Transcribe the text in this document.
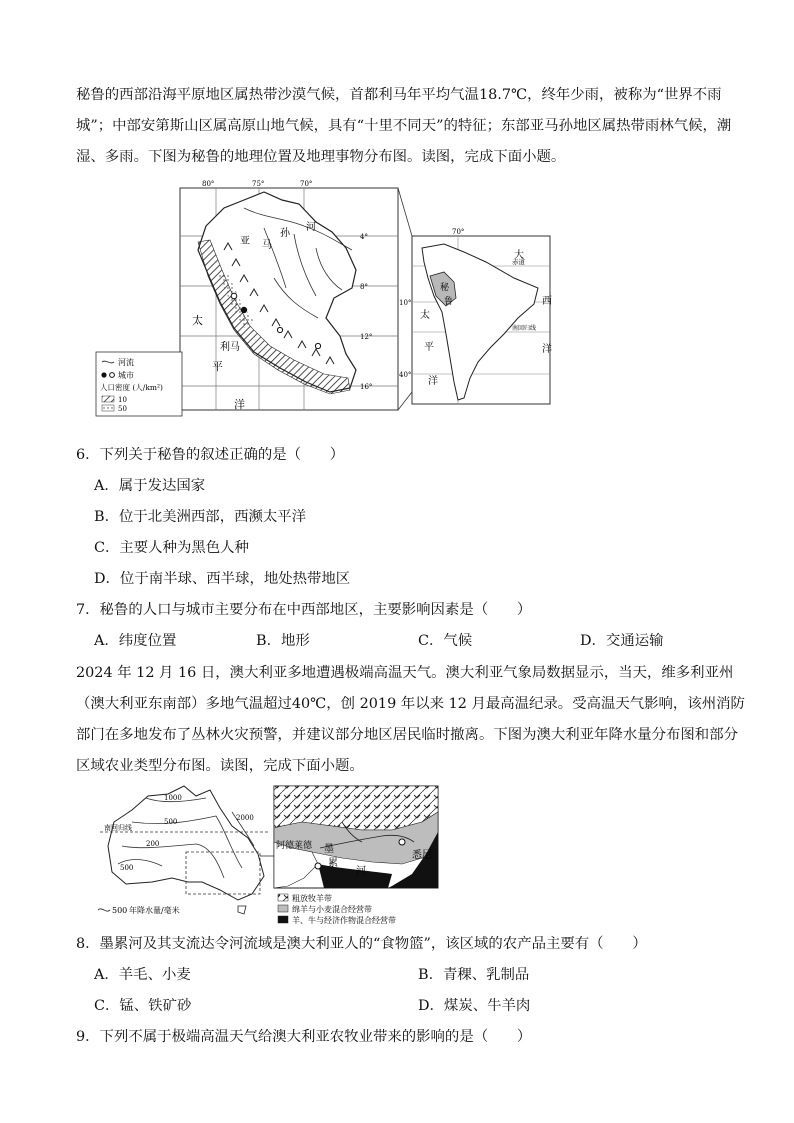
秘鲁的西部沿海平原地区属热带沙漠气候，首都利马年平均气温18.7℃，终年少雨，被称为“世界不雨城”；中部安第斯山区属高原山地气候，具有“十里不同天”的特征；东部亚马孙地区属热带雨林气候，潮湿、多雨。下图为秘鲁的地理位置及地理事物分布图。读图，完成下面小题。
80°	75°	70°
4°
8°
12°
16°
亚 马
孙
河
太
平
洋
利马
河流
城市
人口密度 (人/km²)
10
50
70°
10°
40°
赤道
南回归线
秘
鲁
大
西
洋
太
平
洋
6．下列关于秘鲁的叙述正确的是（　　）
A．属于发达国家
B．位于北美洲西部，西濒太平洋
C．主要人种为黑色人种
D．位于南半球、西半球，地处热带地区
7．秘鲁的人口与城市主要分布在中西部地区，主要影响因素是（　　）
A．纬度位置	B．地形	C．气候	D．交通运输
2024 年 12 月 16 日，澳大利亚多地遭遇极端高温天气。澳大利亚气象局数据显示，当天，维多利亚州（澳大利亚东南部）多地气温超过40℃，创 2019 年以来 12 月最高温纪录。受高温天气影响，该州消防部门在多地发布了丛林火灾预警，并建议部分地区居民临时撤离。下图为澳大利亚年降水量分布图和部分区域农业类型分布图。读图，完成下面小题。
1000
500	2000
200
500
南回归线
500 年降水量/毫米
悉尼
阿德莱德 墨
累
河
粗放牧羊带
绵羊与小麦混合经营带
羊、牛与经济作物混合经营带
8．墨累河及其支流达令河流域是澳大利亚人的“食物篮”，该区域的农产品主要有（　　）
A．羊毛、小麦	B．青稞、乳制品
C．锰、铁矿砂	D．煤炭、牛羊肉
9．下列不属于极端高温天气给澳大利亚农牧业带来的影响的是（　　）
